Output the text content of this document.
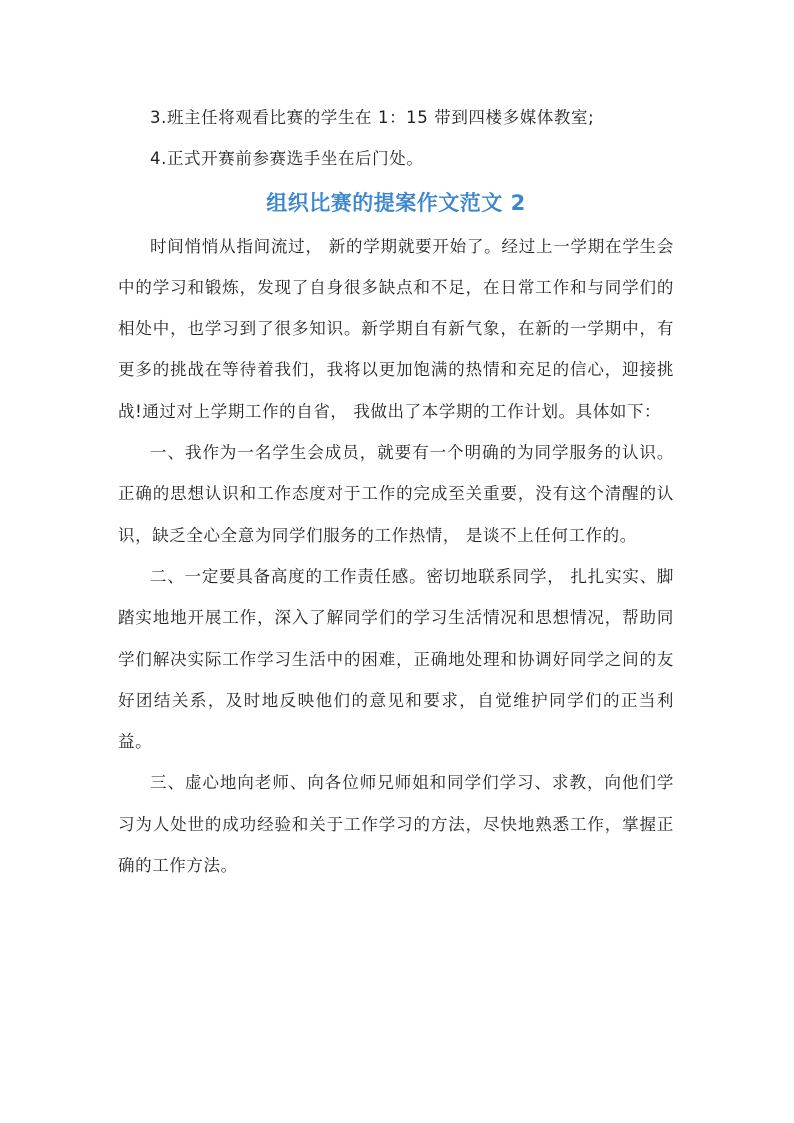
3.班主任将观看比赛的学生在 1：15 带到四楼多媒体教室;

4.正式开赛前参赛选手坐在后门处。

组织比赛的提案作文范文 2

时间悄悄从指间流过， 新的学期就要开始了。经过上一学期在学生会中的学习和锻炼，发现了自身很多缺点和不足，在日常工作和与同学们的相处中，也学习到了很多知识。新学期自有新气象，在新的一学期中，有更多的挑战在等待着我们，我将以更加饱满的热情和充足的信心，迎接挑战!通过对上学期工作的自省， 我做出了本学期的工作计划。具体如下：

一、我作为一名学生会成员，就要有一个明确的为同学服务的认识。正确的思想认识和工作态度对于工作的完成至关重要，没有这个清醒的认识，缺乏全心全意为同学们服务的工作热情， 是谈不上任何工作的。

二、一定要具备高度的工作责任感。密切地联系同学， 扎扎实实、脚踏实地地开展工作，深入了解同学们的学习生活情况和思想情况，帮助同学们解决实际工作学习生活中的困难，正确地处理和协调好同学之间的友好团结关系，及时地反映他们的意见和要求，自觉维护同学们的正当利益。

三、虚心地向老师、向各位师兄师姐和同学们学习、求教，向他们学习为人处世的成功经验和关于工作学习的方法，尽快地熟悉工作，掌握正确的工作方法。
